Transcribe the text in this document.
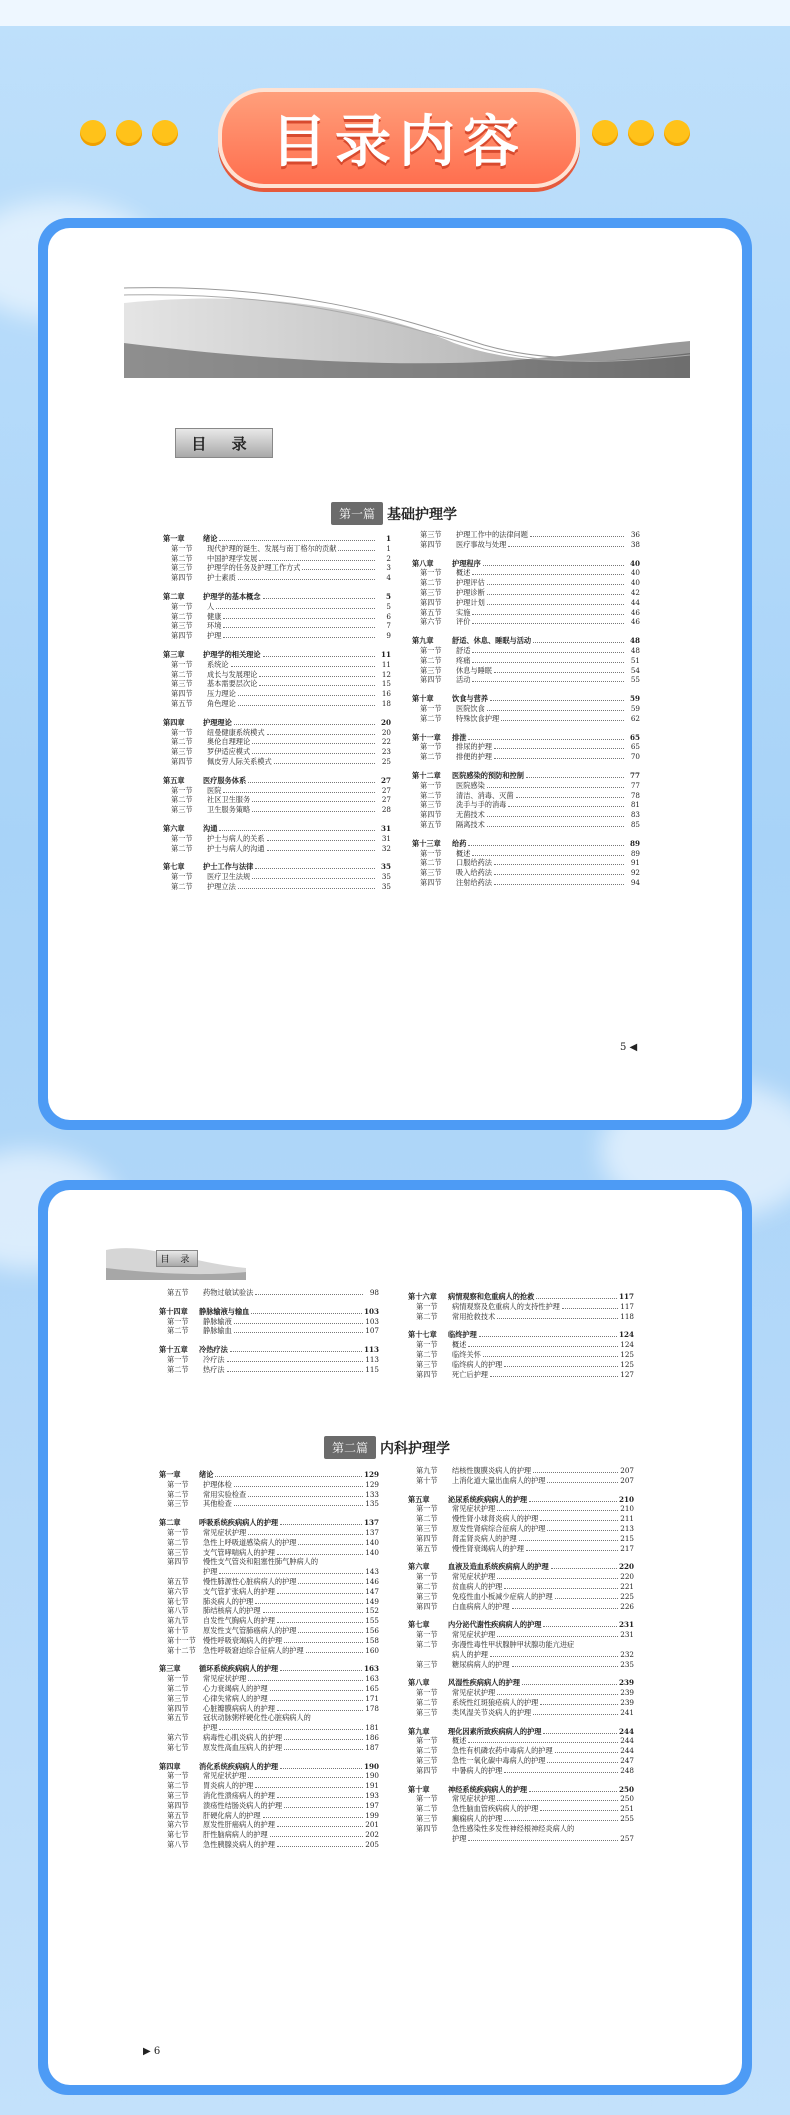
目录内容
目 录
第一篇 基础护理学
第一章	绪论	1
第一节	现代护理的诞生、发展与南丁格尔的贡献	1
第二节	中国护理学发展	2
第三节	护理学的任务及护理工作方式	3
第四节	护士素质	4
第二章	护理学的基本概念	5
第一节	人	5
第二节	健康	6
第三节	环境	7
第四节	护理	9
第三章	护理学的相关理论	11
第一节	系统论	11
第二节	成长与发展理论	12
第三节	基本需要层次论	15
第四节	压力理论	16
第五节	角色理论	18
第四章	护理理论	20
第一节	纽曼健康系统模式	20
第二节	奥伦自理理论	22
第三节	罗伊适应模式	23
第四节	佩皮劳人际关系模式	25
第五章	医疗服务体系	27
第一节	医院	27
第二节	社区卫生服务	27
第三节	卫生服务策略	28
第六章	沟通	31
第一节	护士与病人的关系	31
第二节	护士与病人的沟通	32
第七章	护士工作与法律	35
第一节	医疗卫生法规	35
第二节	护理立法	35
第三节	护理工作中的法律问题	36
第四节	医疗事故与处理	38
第八章	护理程序	40
第一节	概述	40
第二节	护理评估	40
第三节	护理诊断	42
第四节	护理计划	44
第五节	实施	46
第六节	评价	46
第九章	舒适、休息、睡眠与活动	48
第一节	舒适	48
第二节	疼痛	51
第三节	休息与睡眠	54
第四节	活动	55
第十章	饮食与营养	59
第一节	医院饮食	59
第二节	特殊饮食护理	62
第十一章	排泄	65
第一节	排尿的护理	65
第二节	排便的护理	70
第十二章	医院感染的预防和控制	77
第一节	医院感染	77
第二节	清洁、消毒、灭菌	78
第三节	洗手与手的消毒	81
第四节	无菌技术	83
第五节	隔离技术	85
第十三章	给药	89
第一节	概述	89
第二节	口服给药法	91
第三节	吸入给药法	92
第四节	注射给药法	94
5 ◀
目 录
第五节	药物过敏试验法	98
第十四章	静脉输液与输血	103
第一节	静脉输液	103
第二节	静脉输血	107
第十五章	冷热疗法	113
第一节	冷疗法	113
第二节	热疗法	115
第十六章	病情观察和危重病人的抢救	117
第一节	病情观察及危重病人的支持性护理	117
第二节	常用抢救技术	118
第十七章	临终护理	124
第一节	概述	124
第二节	临终关怀	125
第三节	临终病人的护理	125
第四节	死亡后护理	127
第二篇 内科护理学
第一章	绪论	129
第一节	护理体检	129
第二节	常用实验检查	133
第三节	其他检查	135
第二章	呼吸系统疾病病人的护理	137
第一节	常见症状护理	137
第二节	急性上呼吸道感染病人的护理	140
第三节	支气管哮喘病人的护理	140
第四节	慢性支气管炎和阻塞性肺气肿病人的
护理	143
第五节	慢性肺源性心脏病病人的护理	146
第六节	支气管扩张病人的护理	147
第七节	肺炎病人的护理	149
第八节	肺结核病人的护理	152
第九节	自发性气胸病人的护理	155
第十节	原发性支气管肺癌病人的护理	156
第十一节	慢性呼吸衰竭病人的护理	158
第十二节	急性呼吸窘迫综合征病人的护理	160
第三章	循环系统疾病病人的护理	163
第一节	常见症状护理	163
第二节	心力衰竭病人的护理	165
第三节	心律失常病人的护理	171
第四节	心脏瓣膜病病人的护理	178
第五节	冠状动脉粥样硬化性心脏病病人的
护理	181
第六节	病毒性心肌炎病人的护理	186
第七节	原发性高血压病人的护理	187
第四章	消化系统疾病病人的护理	190
第一节	常见症状护理	190
第二节	胃炎病人的护理	191
第三节	消化性溃疡病人的护理	193
第四节	溃疡性结肠炎病人的护理	197
第五节	肝硬化病人的护理	199
第六节	原发性肝癌病人的护理	201
第七节	肝性脑病病人的护理	202
第八节	急性胰腺炎病人的护理	205
第九节	结核性腹膜炎病人的护理	207
第十节	上消化道大量出血病人的护理	207
第五章	泌尿系统疾病病人的护理	210
第一节	常见症状护理	210
第二节	慢性肾小球肾炎病人的护理	211
第三节	原发性肾病综合征病人的护理	213
第四节	肾盂肾炎病人的护理	215
第五节	慢性肾衰竭病人的护理	217
第六章	血液及造血系统疾病病人的护理	220
第一节	常见症状护理	220
第二节	贫血病人的护理	221
第三节	免疫性血小板减少症病人的护理	225
第四节	白血病病人的护理	226
第七章	内分泌代谢性疾病病人的护理	231
第一节	常见症状护理	231
第二节	弥漫性毒性甲状腺肿甲状腺功能亢进症
病人的护理	232
第三节	糖尿病病人的护理	235
第八章	风湿性疾病病人的护理	239
第一节	常见症状护理	239
第二节	系统性红斑狼疮病人的护理	239
第三节	类风湿关节炎病人的护理	241
第九章	理化因素所致疾病病人的护理	244
第一节	概述	244
第二节	急性有机磷农药中毒病人的护理	244
第三节	急性一氧化碳中毒病人的护理	247
第四节	中暑病人的护理	248
第十章	神经系统疾病病人的护理	250
第一节	常见症状护理	250
第二节	急性脑血管疾病病人的护理	251
第三节	癫痫病人的护理	255
第四节	急性感染性多发性神经根神经炎病人的
护理	257
▶ 6
